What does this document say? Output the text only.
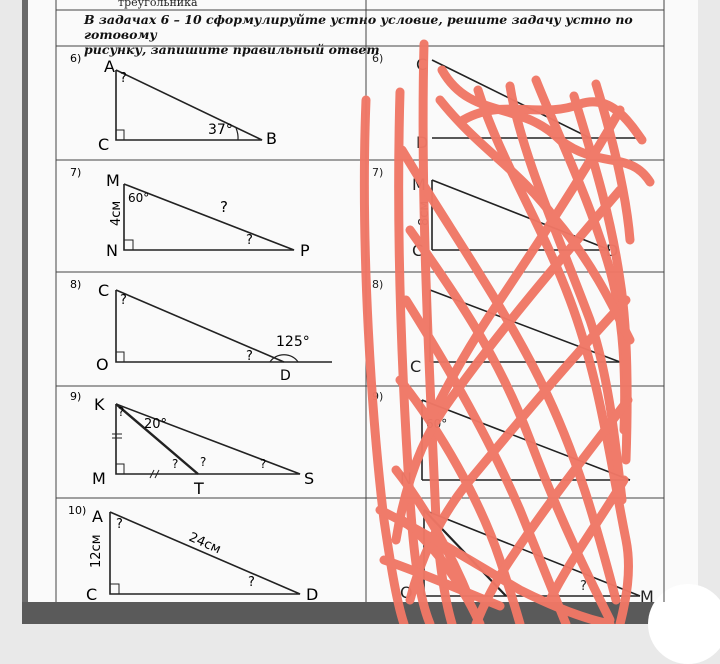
треугольника
В задачах 6 – 10 сформулируйте устно условие, решите задачу устно по готовому
рисунку, запишите правильный ответ
6) A
C	B
37°
?
7) M
N	P
60°
4см	?
?
8) C
O
D
125°
?
?
9) K
M
T
S
20°
?
? ?	?
10) A
C	D
12см	24см
?
?
6)
7)
8)
9)
C
D
M
C	D
C
N
O	M
8см
60°
?
